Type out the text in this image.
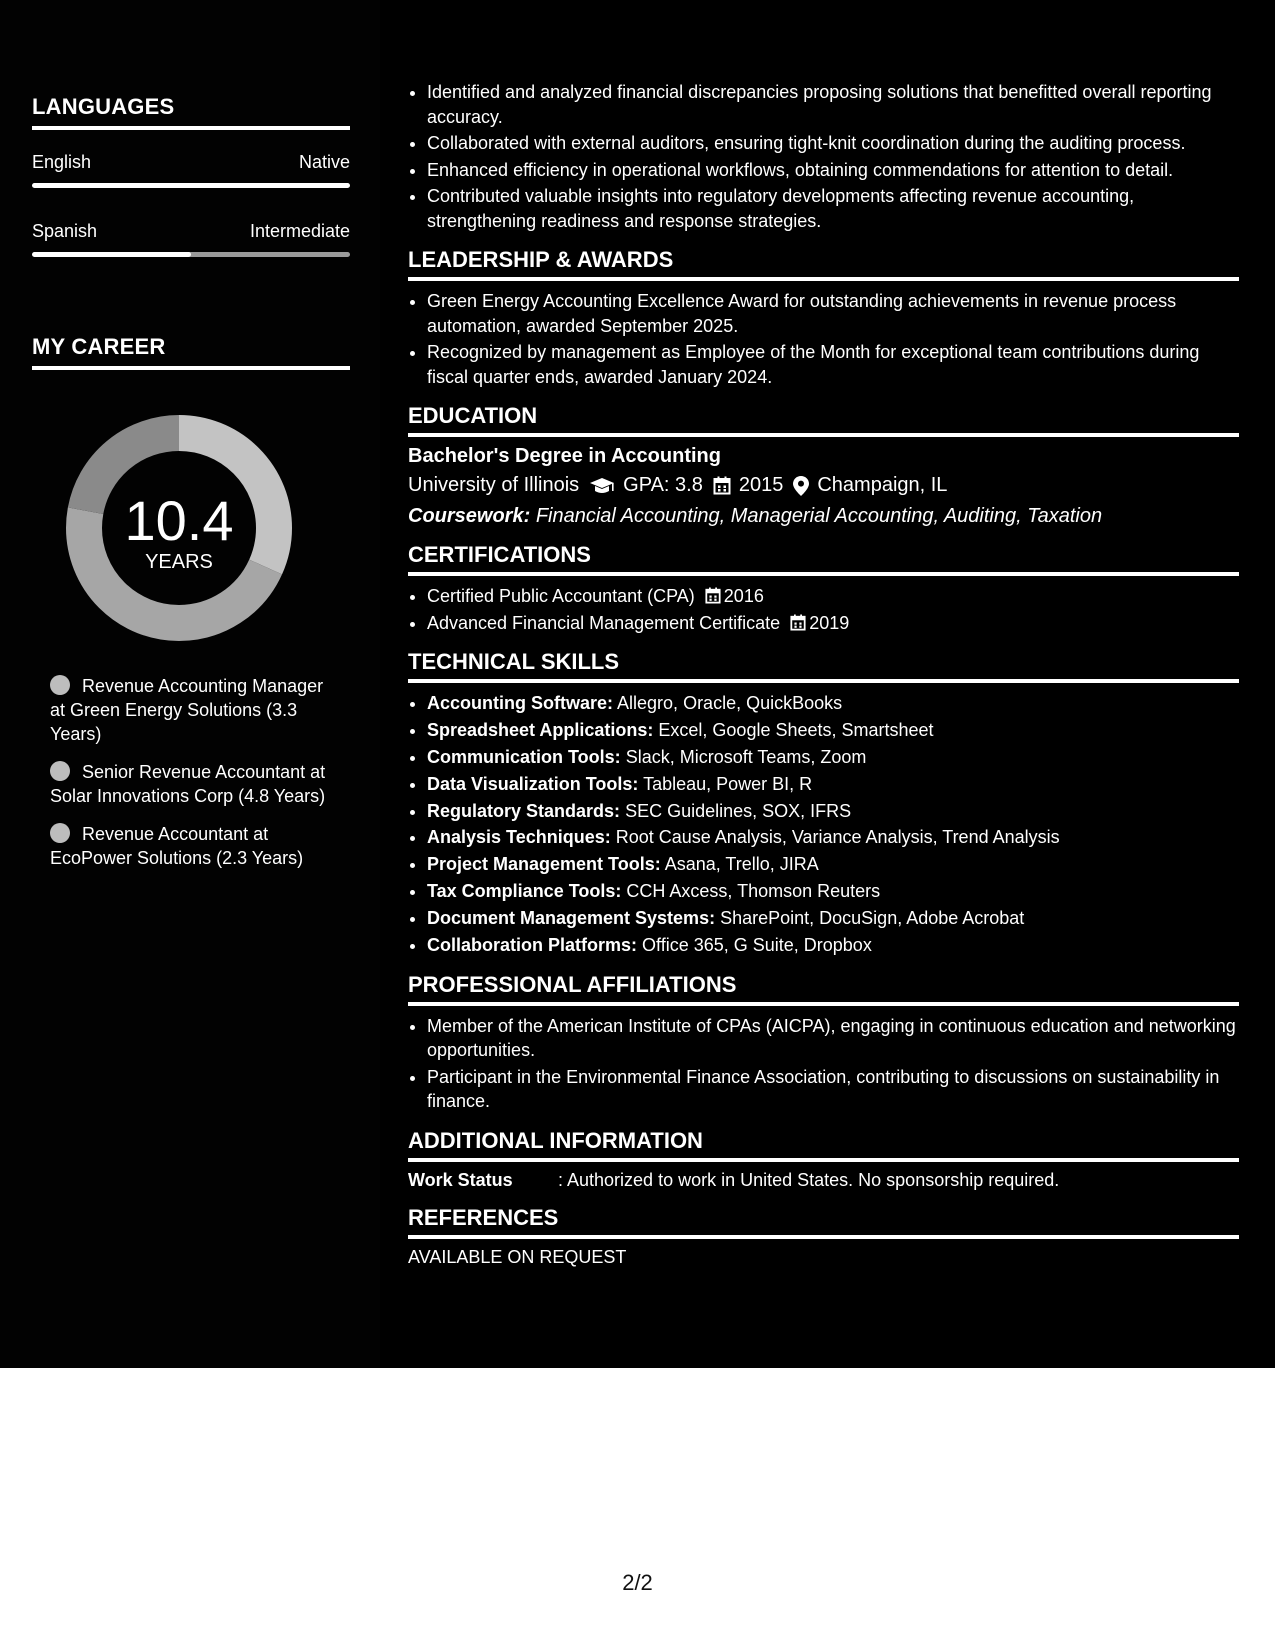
LANGUAGES
English	Native
Spanish	Intermediate
MY CAREER
10.4
YEARS
Revenue Accounting Manager at Green Energy Solutions (3.3 Years)
Senior Revenue Accountant at Solar Innovations Corp (4.8 Years)
Revenue Accountant at EcoPower Solutions (2.3 Years)
• Identified and analyzed financial discrepancies proposing solutions that benefitted overall reporting accuracy.
• Collaborated with external auditors, ensuring tight-knit coordination during the auditing process.
• Enhanced efficiency in operational workflows, obtaining commendations for attention to detail.
• Contributed valuable insights into regulatory developments affecting revenue accounting, strengthening readiness and response strategies.
LEADERSHIP & AWARDS
• Green Energy Accounting Excellence Award for outstanding achievements in revenue process automation, awarded September 2025.
• Recognized by management as Employee of the Month for exceptional team contributions during fiscal quarter ends, awarded January 2024.
EDUCATION
Bachelor's Degree in Accounting
University of Illinois GPA: 3.8 2015 Champaign, IL
Coursework: Financial Accounting, Managerial Accounting, Auditing, Taxation
CERTIFICATIONS
• Certified Public Accountant (CPA) 2016
• Advanced Financial Management Certificate 2019
TECHNICAL SKILLS
• Accounting Software: Allegro, Oracle, QuickBooks
• Spreadsheet Applications: Excel, Google Sheets, Smartsheet
• Communication Tools: Slack, Microsoft Teams, Zoom
• Data Visualization Tools: Tableau, Power BI, R
• Regulatory Standards: SEC Guidelines, SOX, IFRS
• Analysis Techniques: Root Cause Analysis, Variance Analysis, Trend Analysis
• Project Management Tools: Asana, Trello, JIRA
• Tax Compliance Tools: CCH Axcess, Thomson Reuters
• Document Management Systems: SharePoint, DocuSign, Adobe Acrobat
• Collaboration Platforms: Office 365, G Suite, Dropbox
PROFESSIONAL AFFILIATIONS
• Member of the American Institute of CPAs (AICPA), engaging in continuous education and networking opportunities.
• Participant in the Environmental Finance Association, contributing to discussions on sustainability in finance.
ADDITIONAL INFORMATION
Work Status	: Authorized to work in United States. No sponsorship required.
REFERENCES
AVAILABLE ON REQUEST
2/2
